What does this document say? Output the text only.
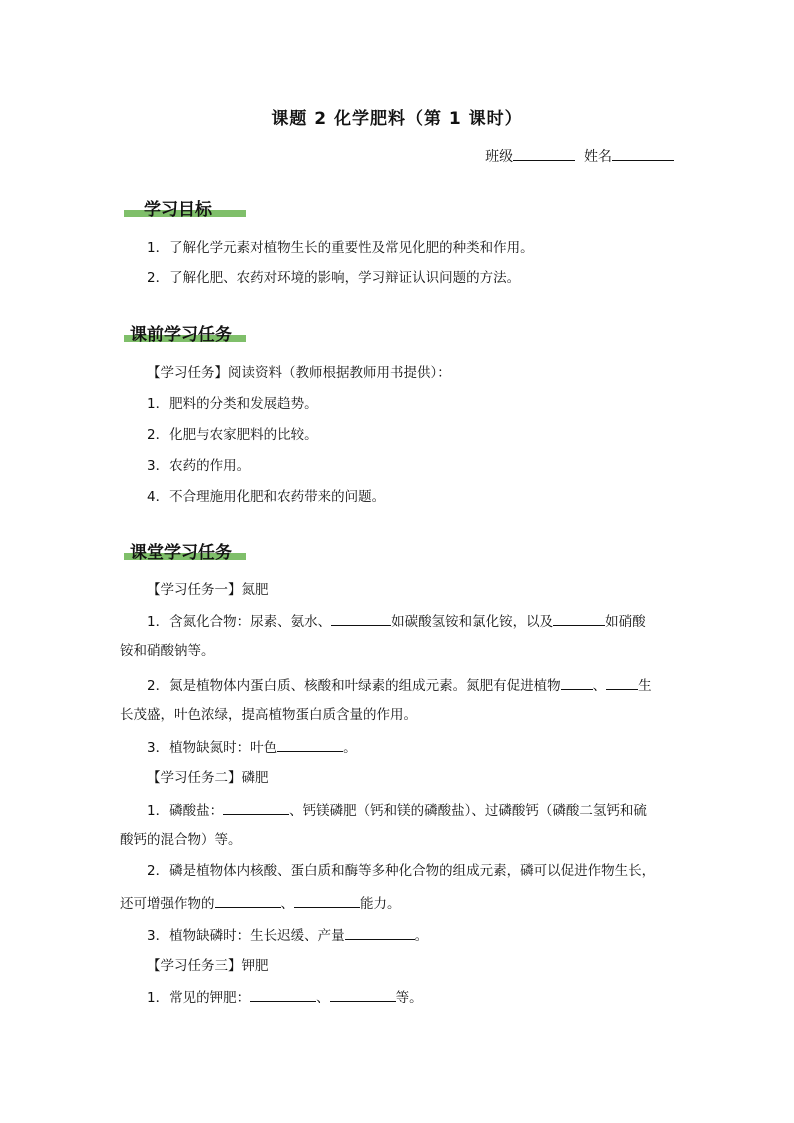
课题 2 化学肥料（第 1 课时）
班级	姓名
学习目标
1．了解化学元素对植物生长的重要性及常见化肥的种类和作用。
2．了解化肥、农药对环境的影响，学习辩证认识问题的方法。
课前学习任务
【学习任务】阅读资料（教师根据教师用书提供）：
1．肥料的分类和发展趋势。
2．化肥与农家肥料的比较。
3．农药的作用。
4．不合理施用化肥和农药带来的问题。
课堂学习任务
【学习任务一】氮肥
1．含氮化合物：尿素、氨水、	如碳酸氢铵和氯化铵，以及	如硝酸
铵和硝酸钠等。
2．氮是植物体内蛋白质、核酸和叶绿素的组成元素。氮肥有促进植物 、 生
长茂盛，叶色浓绿，提高植物蛋白质含量的作用。
3．植物缺氮时：叶色	。
【学习任务二】磷肥
1．磷酸盐：	、钙镁磷肥（钙和镁的磷酸盐）、过磷酸钙（磷酸二氢钙和硫
酸钙的混合物）等。
2．磷是植物体内核酸、蛋白质和酶等多种化合物的组成元素，磷可以促进作物生长，
还可增强作物的	、	能力。
3．植物缺磷时：生长迟缓、产量	。
【学习任务三】钾肥
1．常见的钾肥：	、	等。
